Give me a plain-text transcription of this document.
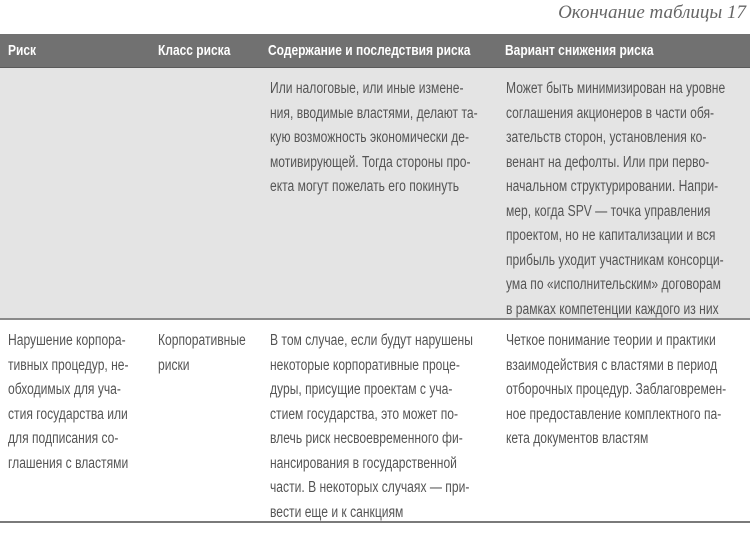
Окончание таблицы 17
Риск	Класс риска	Содержание и последствия риска Вариант снижения риска
Или налоговые, или иные измене-
ния, вводимые властями, делают та-
кую возможность экономически де-
мотивирующей. Тогда стороны про-
екта могут пожелать его покинуть
Может быть минимизирован на уровне
соглашения акционеров в части обя-
зательств сторон, установления ко-
венант на дефолты. Или при перво-
начальном структурировании. Напри-
мер, когда SPV — точка управления
проектом, но не капитализации и вся
прибыль уходит участникам консорци-
ума по «исполнительским» договорам
в рамках компетенции каждого из них
Нарушение корпора-
тивных процедур, не-
обходимых для уча-
стия государства или
для подписания со-
глашения с властями
Корпоративные
риски
В том случае, если будут нарушены
некоторые корпоративные проце-
дуры, присущие проектам с уча-
стием государства, это может по-
влечь риск несвоевременного фи-
нансирования в государственной
части. В некоторых случаях — при-
вести еще и к санкциям
Четкое понимание теории и практики
взаимодействия с властями в период
отборочных процедур. Заблаговремен-
ное предоставление комплектного па-
кета документов властям
